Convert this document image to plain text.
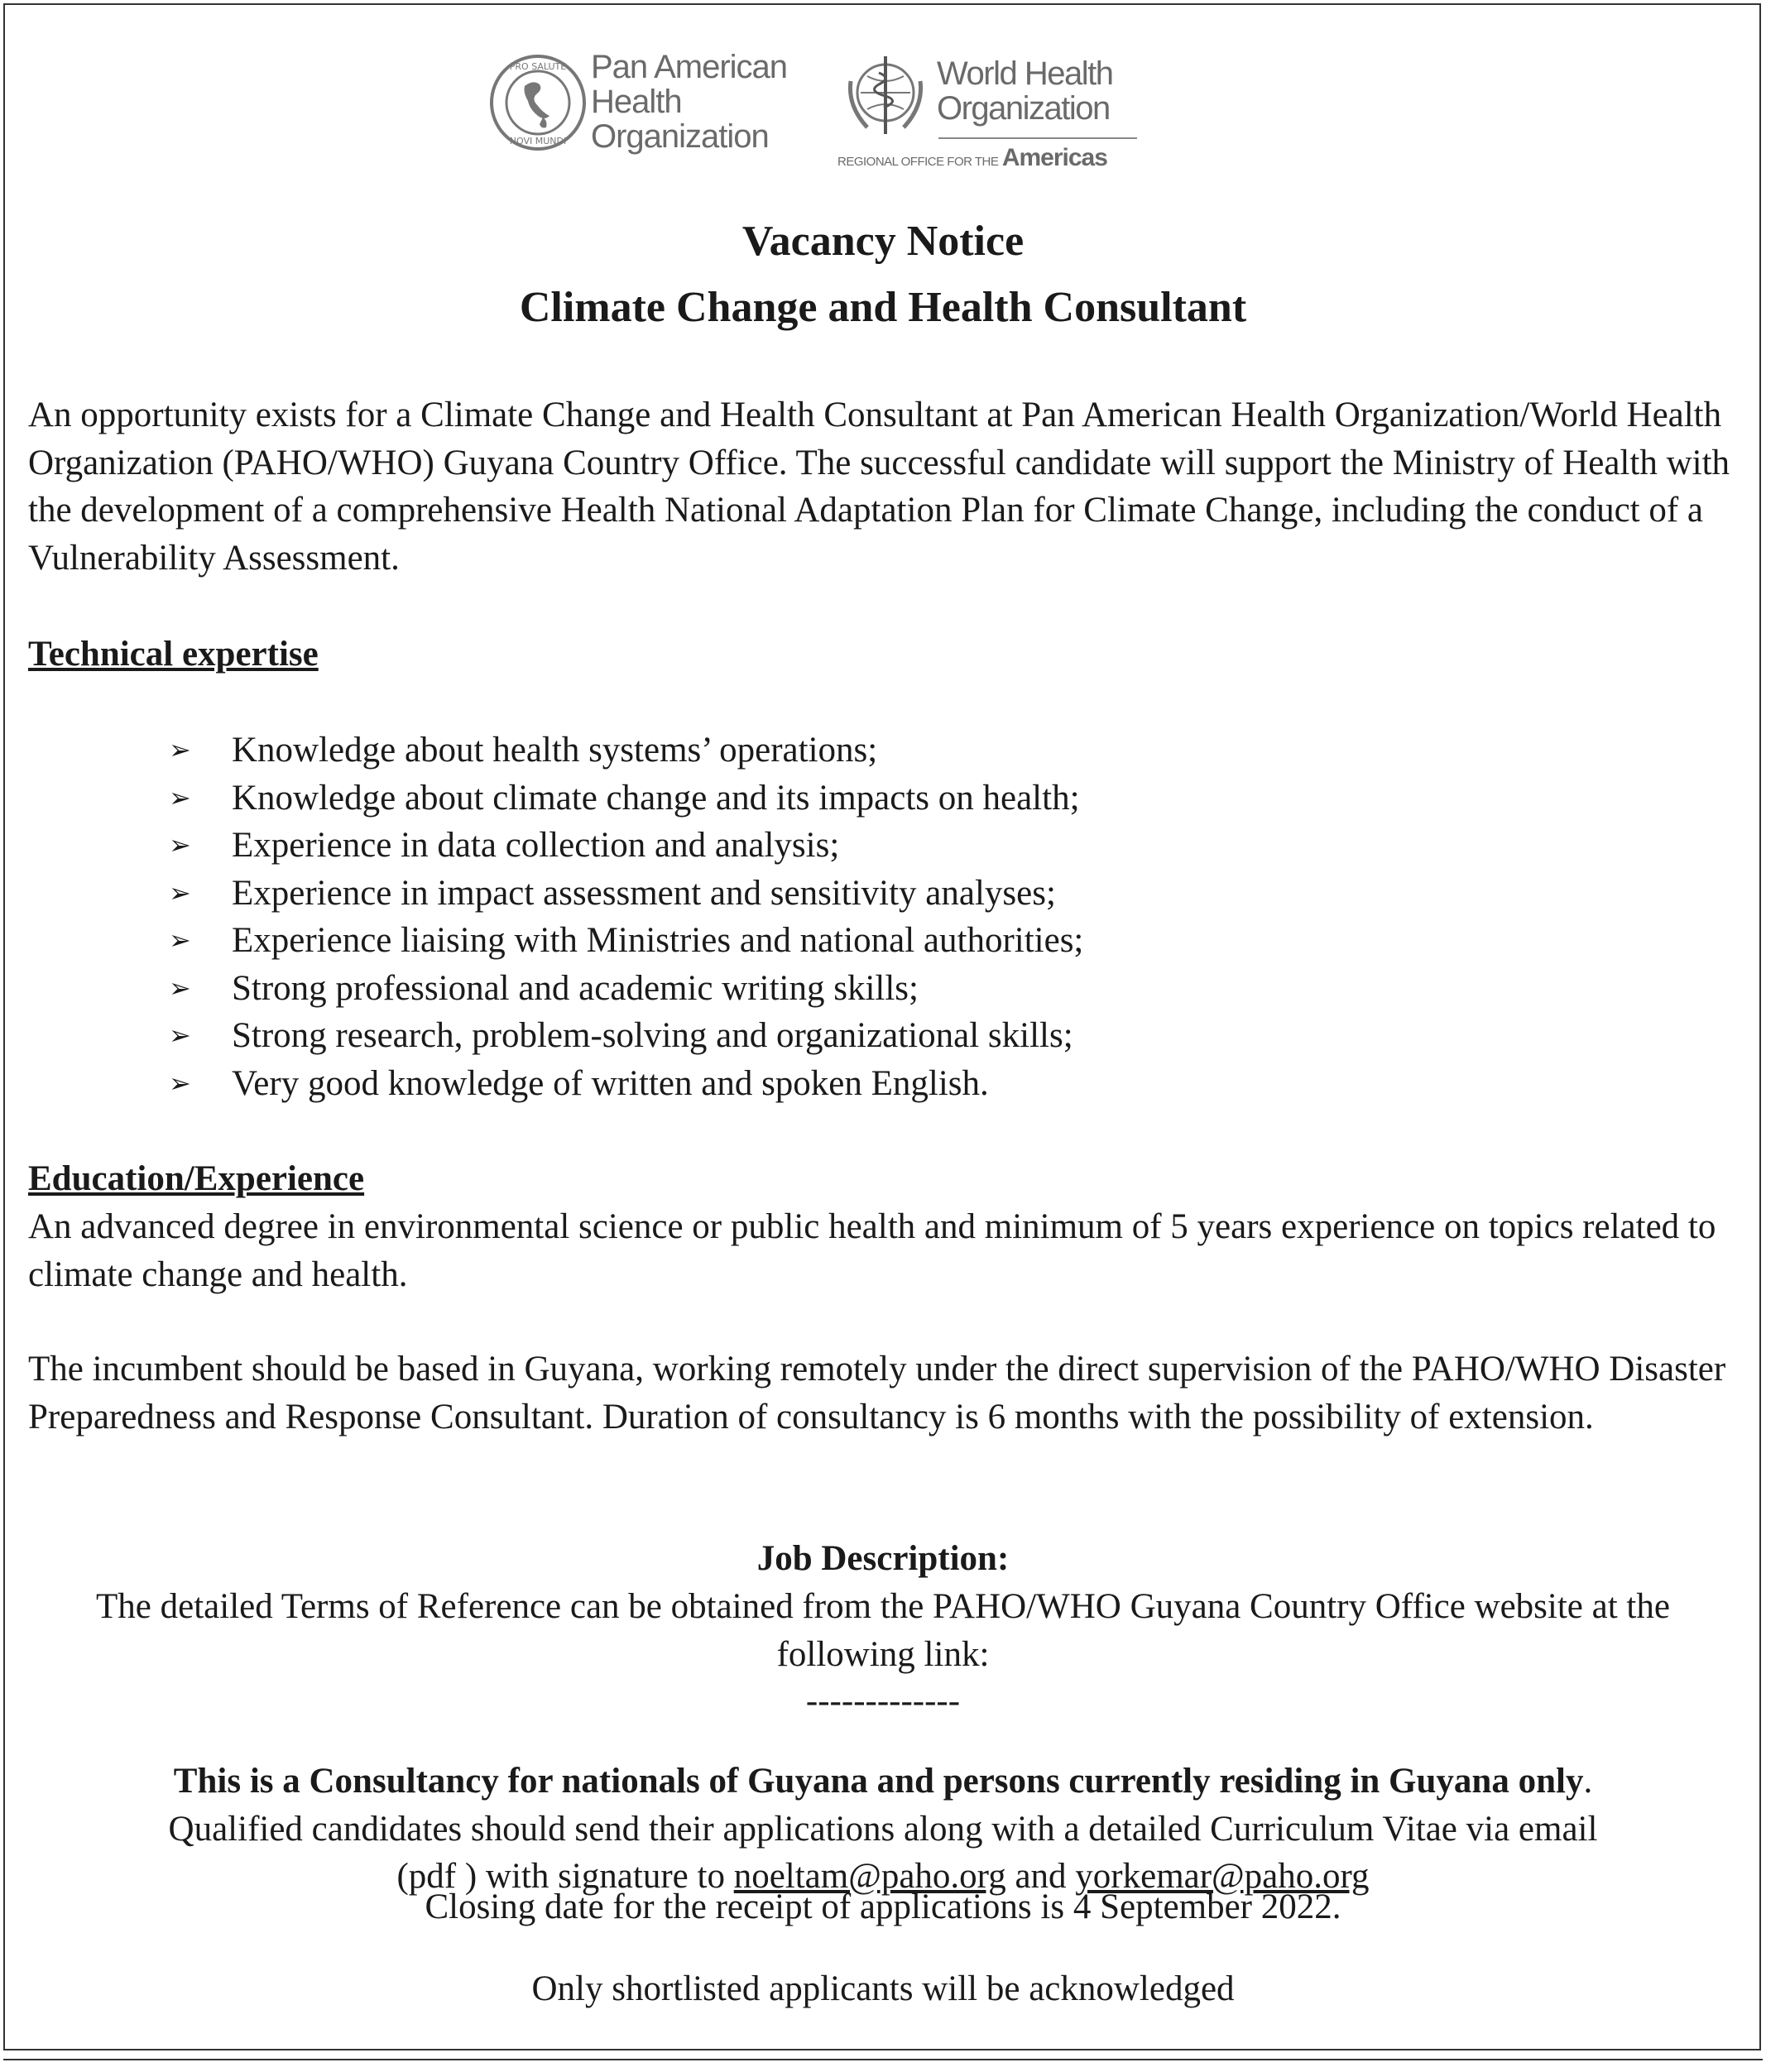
PRO SALUTE
NOVI MUNDI
Pan American
Health
Organization
World Health
Organization
REGIONAL OFFICE FOR THE Americas
Vacancy Notice
Climate Change and Health Consultant

An opportunity exists for a Climate Change and Health Consultant at Pan American Health Organization/World Health Organization (PAHO/WHO) Guyana Country Office. The successful candidate will support the Ministry of Health with the development of a comprehensive Health National Adaptation Plan for Climate Change, including the conduct of a Vulnerability Assessment.

Technical expertise
➢ Knowledge about health systems’ operations;
➢ Knowledge about climate change and its impacts on health;
➢ Experience in data collection and analysis;
➢ Experience in impact assessment and sensitivity analyses;
➢ Experience liaising with Ministries and national authorities;
➢ Strong professional and academic writing skills;
➢ Strong research, problem-solving and organizational skills;
➢ Very good knowledge of written and spoken English.
Education/Experience

An advanced degree in environmental science or public health and minimum of 5 years experience on topics related to climate change and health.

The incumbent should be based in Guyana, working remotely under the direct supervision of the PAHO/WHO Disaster Preparedness and Response Consultant. Duration of consultancy is 6 months with the possibility of extension.

Job Description:

The detailed Terms of Reference can be obtained from the PAHO/WHO Guyana Country Office website at the following link:

-------------

This is a Consultancy for nationals of Guyana and persons currently residing in Guyana only.
Qualified candidates should send their applications along with a detailed Curriculum Vitae via email
(pdf ) with signature to noeltam@paho.org and yorkemar@paho.org

Closing date for the receipt of applications is 4 September 2022.

Only shortlisted applicants will be acknowledged
